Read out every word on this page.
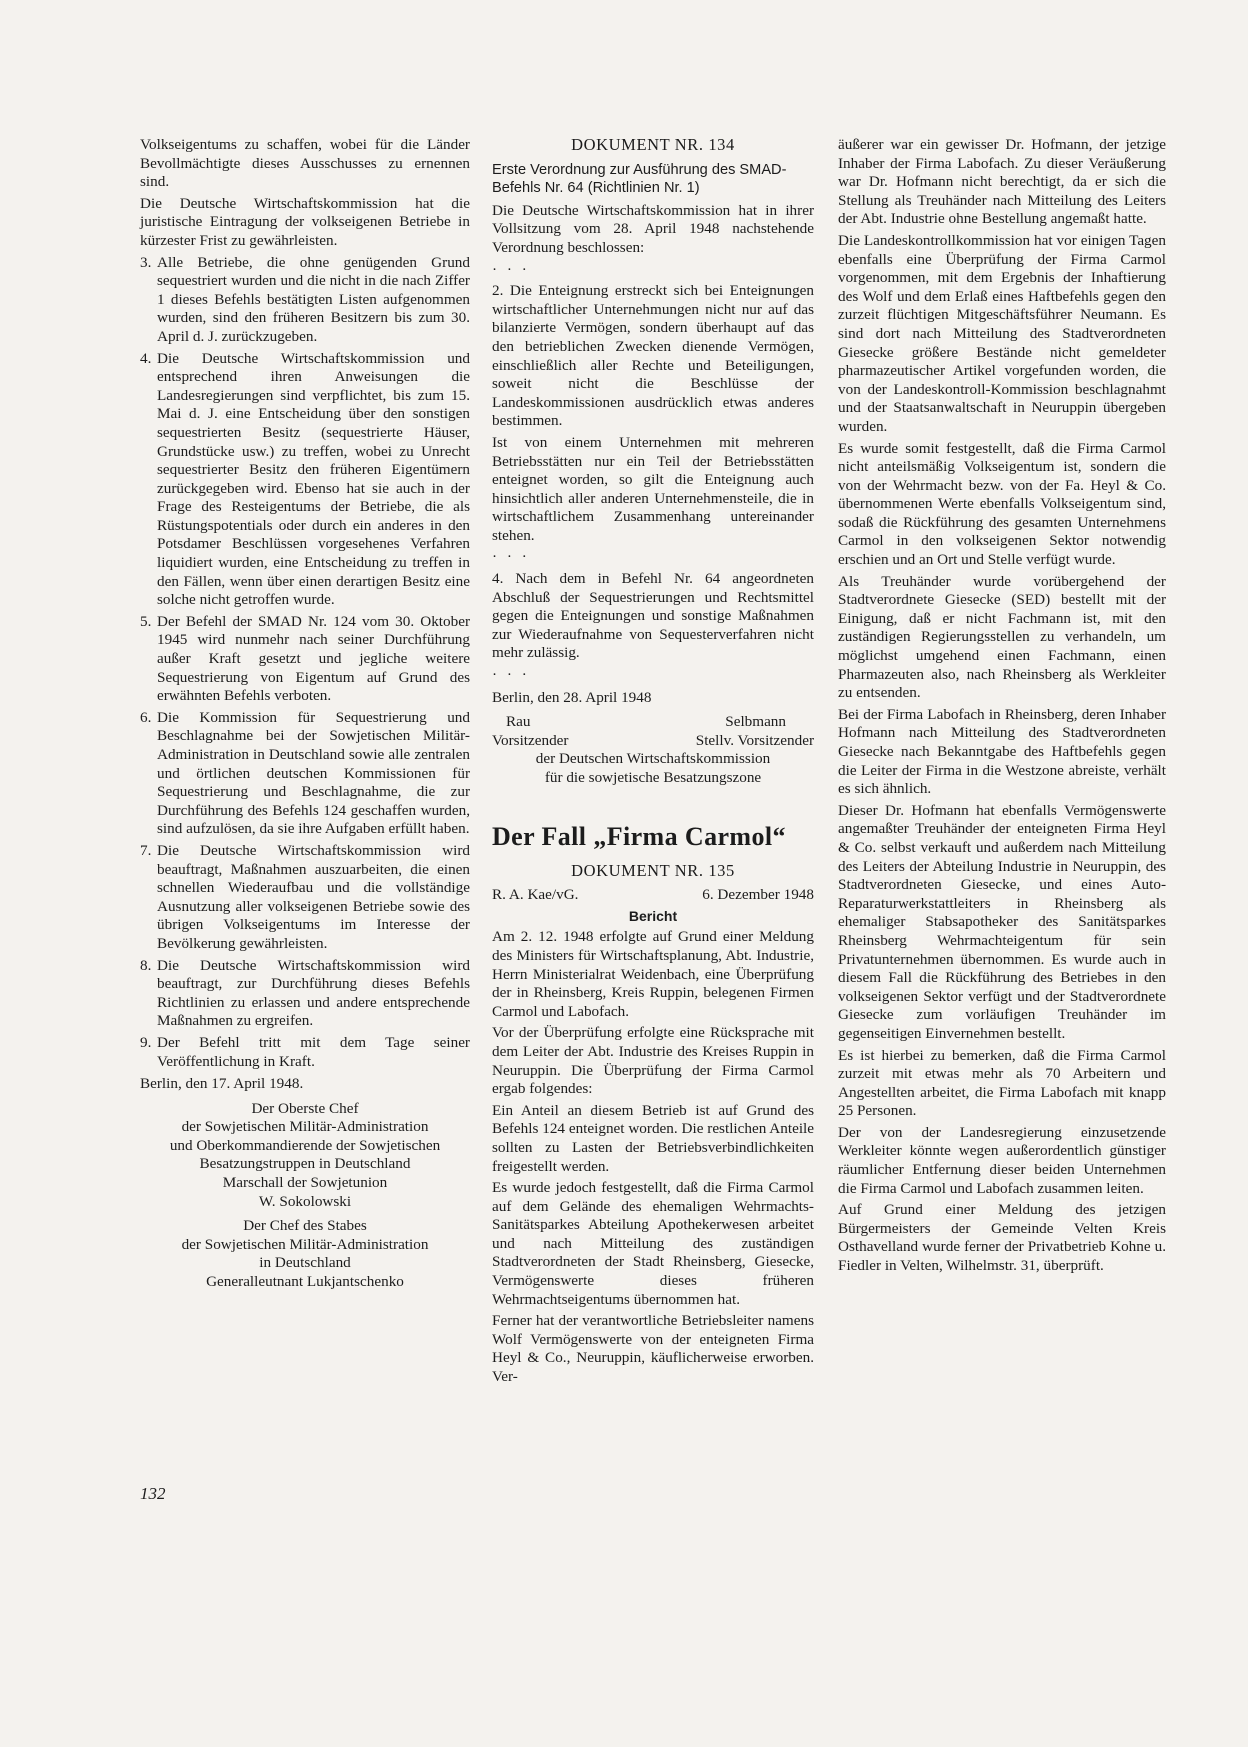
Volkseigentums zu schaffen, wobei für die Länder Bevollmächtigte dieses Ausschusses zu ernennen sind.

Die Deutsche Wirtschaftskommission hat die juristische Eintragung der volkseigenen Betriebe in kürzester Frist zu gewährleisten.

3. Alle Betriebe, die ohne genügenden Grund sequestriert wurden und die nicht in die nach Ziffer 1 dieses Befehls bestätigten Listen aufgenommen wurden, sind den früheren Besitzern bis zum 30. April d. J. zurückzugeben.
4. Die Deutsche Wirtschaftskommission und entsprechend ihren Anweisungen die Landesregierungen sind verpflichtet, bis zum 15. Mai d. J. eine Entscheidung über den sonstigen sequestrierten Besitz (sequestrierte Häuser, Grundstücke usw.) zu treffen, wobei zu Unrecht sequestrierter Besitz den früheren Eigentümern zurückgegeben wird. Ebenso hat sie auch in der Frage des Resteigentums der Betriebe, die als Rüstungspotentials oder durch ein anderes in den Potsdamer Beschlüssen vorgesehenes Verfahren liquidiert wurden, eine Entscheidung zu treffen in den Fällen, wenn über einen derartigen Besitz eine solche nicht getroffen wurde.
5. Der Befehl der SMAD Nr. 124 vom 30. Oktober 1945 wird nunmehr nach seiner Durchführung außer Kraft gesetzt und jegliche weitere Sequestrierung von Eigentum auf Grund des erwähnten Befehls verboten.
6. Die Kommission für Sequestrierung und Beschlagnahme bei der Sowjetischen Militär-Administration in Deutschland sowie alle zentralen und örtlichen deutschen Kommissionen für Sequestrierung und Beschlagnahme, die zur Durchführung des Befehls 124 geschaffen wurden, sind aufzulösen, da sie ihre Aufgaben erfüllt haben.
7. Die Deutsche Wirtschaftskommission wird beauftragt, Maßnahmen auszuarbeiten, die einen schnellen Wiederaufbau und die vollständige Ausnutzung aller volkseigenen Betriebe sowie des übrigen Volkseigentums im Interesse der Bevölkerung gewährleisten.
8. Die Deutsche Wirtschaftskommission wird beauftragt, zur Durchführung dieses Befehls Richtlinien zu erlassen und andere entsprechende Maßnahmen zu ergreifen.
9. Der Befehl tritt mit dem Tage seiner Veröffentlichung in Kraft.

Berlin, den 17. April 1948.

Der Oberste Chef
der Sowjetischen Militär-Administration
und Oberkommandierende der Sowjetischen Besatzungstruppen in Deutschland
Marschall der Sowjetunion
W. Sokolowski
Der Chef des Stabes
der Sowjetischen Militär-Administration
in Deutschland
Generalleutnant Lukjantschenko
DOKUMENT NR. 134
Erste Verordnung zur Ausführung des SMAD-Befehls Nr. 64 (Richtlinien Nr. 1)

Die Deutsche Wirtschaftskommission hat in ihrer Vollsitzung vom 28. April 1948 nachstehende Verordnung beschlossen:

· · ·

2. Die Enteignung erstreckt sich bei Enteignungen wirtschaftlicher Unternehmungen nicht nur auf das bilanzierte Vermögen, sondern überhaupt auf das den betrieblichen Zwecken dienende Vermögen, einschließlich aller Rechte und Beteiligungen, soweit nicht die Beschlüsse der Landeskommissionen ausdrücklich etwas anderes bestimmen.

Ist von einem Unternehmen mit mehreren Betriebsstätten nur ein Teil der Betriebsstätten enteignet worden, so gilt die Enteignung auch hinsichtlich aller anderen Unternehmensteile, die in wirtschaftlichem Zusammenhang untereinander stehen.

· · ·

4. Nach dem in Befehl Nr. 64 angeordneten Abschluß der Sequestrierungen und Rechtsmittel gegen die Enteignungen und sonstige Maßnahmen zur Wiederaufnahme von Sequesterverfahren nicht mehr zulässig.

· · ·

Berlin, den 28. April 1948

Rau	Selbmann
Vorsitzender	Stellv. Vorsitzender
der Deutschen Wirtschaftskommission
für die sowjetische Besatzungszone
Der Fall „Firma Carmol“
DOKUMENT NR. 135
R. A. Kae/vG.	6. Dezember 1948
Bericht

Am 2. 12. 1948 erfolgte auf Grund einer Meldung des Ministers für Wirtschaftsplanung, Abt. Industrie, Herrn Ministerialrat Weidenbach, eine Überprüfung der in Rheinsberg, Kreis Ruppin, belegenen Firmen Carmol und Labofach.

Vor der Überprüfung erfolgte eine Rücksprache mit dem Leiter der Abt. Industrie des Kreises Ruppin in Neuruppin. Die Überprüfung der Firma Carmol ergab folgendes:

Ein Anteil an diesem Betrieb ist auf Grund des Befehls 124 enteignet worden. Die restlichen Anteile sollten zu Lasten der Betriebsverbindlichkeiten freigestellt werden.

Es wurde jedoch festgestellt, daß die Firma Carmol auf dem Gelände des ehemaligen Wehrmachts-Sanitätsparkes Abteilung Apothekerwesen arbeitet und nach Mitteilung des zuständigen Stadtverordneten der Stadt Rheinsberg, Giesecke, Vermögenswerte dieses früheren Wehrmachtseigentums übernommen hat.

Ferner hat der verantwortliche Betriebsleiter namens Wolf Vermögenswerte von der enteigneten Firma Heyl & Co., Neuruppin, käuflicherweise erworben. Ver-

äußerer war ein gewisser Dr. Hofmann, der jetzige Inhaber der Firma Labofach. Zu dieser Veräußerung war Dr. Hofmann nicht berechtigt, da er sich die Stellung als Treuhänder nach Mitteilung des Leiters der Abt. Industrie ohne Bestellung angemaßt hatte.

Die Landeskontrollkommission hat vor einigen Tagen ebenfalls eine Überprüfung der Firma Carmol vorgenommen, mit dem Ergebnis der Inhaftierung des Wolf und dem Erlaß eines Haftbefehls gegen den zurzeit flüchtigen Mitgeschäftsführer Neumann. Es sind dort nach Mitteilung des Stadtverordneten Giesecke größere Bestände nicht gemeldeter pharmazeutischer Artikel vorgefunden worden, die von der Landeskontroll-Kommission beschlagnahmt und der Staatsanwaltschaft in Neuruppin übergeben wurden.

Es wurde somit festgestellt, daß die Firma Carmol nicht anteilsmäßig Volkseigentum ist, sondern die von der Wehrmacht bezw. von der Fa. Heyl & Co. übernommenen Werte ebenfalls Volkseigentum sind, sodaß die Rückführung des gesamten Unternehmens Carmol in den volkseigenen Sektor notwendig erschien und an Ort und Stelle verfügt wurde.

Als Treuhänder wurde vorübergehend der Stadtverordnete Giesecke (SED) bestellt mit der Einigung, daß er nicht Fachmann ist, mit den zuständigen Regierungsstellen zu verhandeln, um möglichst umgehend einen Fachmann, einen Pharmazeuten also, nach Rheinsberg als Werkleiter zu entsenden.

Bei der Firma Labofach in Rheinsberg, deren Inhaber Hofmann nach Mitteilung des Stadtverordneten Giesecke nach Bekanntgabe des Haftbefehls gegen die Leiter der Firma in die Westzone abreiste, verhält es sich ähnlich.

Dieser Dr. Hofmann hat ebenfalls Vermögenswerte angemaßter Treuhänder der enteigneten Firma Heyl & Co. selbst verkauft und außerdem nach Mitteilung des Leiters der Abteilung Industrie in Neuruppin, des Stadtverordneten Giesecke, und eines Auto-Reparaturwerkstattleiters in Rheinsberg als ehemaliger Stabsapotheker des Sanitätsparkes Rheinsberg Wehrmachteigentum für sein Privatunternehmen übernommen. Es wurde auch in diesem Fall die Rückführung des Betriebes in den volkseigenen Sektor verfügt und der Stadtverordnete Giesecke zum vorläufigen Treuhänder im gegenseitigen Einvernehmen bestellt.

Es ist hierbei zu bemerken, daß die Firma Carmol zurzeit mit etwas mehr als 70 Arbeitern und Angestellten arbeitet, die Firma Labofach mit knapp 25 Personen.

Der von der Landesregierung einzusetzende Werkleiter könnte wegen außerordentlich günstiger räumlicher Entfernung dieser beiden Unternehmen die Firma Carmol und Labofach zusammen leiten.

Auf Grund einer Meldung des jetzigen Bürgermeisters der Gemeinde Velten Kreis Osthavelland wurde ferner der Privatbetrieb Kohne u. Fiedler in Velten, Wilhelmstr. 31, überprüft.

132
